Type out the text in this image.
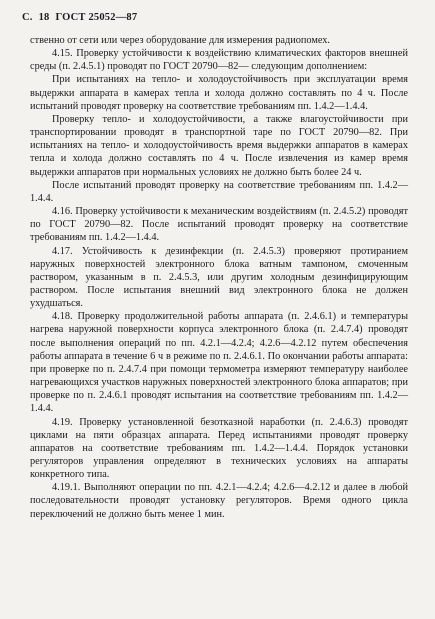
С. 18 ГОСТ 25052—87

ственно от сети или через оборудование для измерения радиопомех.

4.15. Проверку устойчивости к воздействию климатических факторов внешней среды (п. 2.4.5.1) проводят по ГОСТ 20790—82— следующим дополнением:

При испытаниях на тепло- и холодоустойчивость при эксплуатации время выдержки аппарата в камерах тепла и холода должно составлять по 4 ч. После испытаний проводят проверку на соответствие требованиям пп. 1.4.2—1.4.4.

Проверку тепло- и холодоустойчивости, а также влагоустойчивости при транспортировании проводят в транспортной таре по ГОСТ 20790—82. При испытаниях на тепло- и холодоустойчивость время выдержки аппаратов в камерах тепла и холода должно составлять по 4 ч. После извлечения из камер время выдержки аппаратов при нормальных условиях не должно быть более 24 ч.

После испытаний проводят проверку на соответствие требованиям пп. 1.4.2—1.4.4.

4.16. Проверку устойчивости к механическим воздействиям (п. 2.4.5.2) проводят по ГОСТ 20790—82. После испытаний проводят проверку на соответствие требованиям пп. 1.4.2—1.4.4.

4.17. Устойчивость к дезинфекции (п. 2.4.5.3) проверяют протиранием наружных поверхностей электронного блока ватным тампоном, смоченным раствором, указанным в п. 2.4.5.3, или другим холодным дезинфицирующим раствором. После испытания внешний вид электронного блока не должен ухудшаться.

4.18. Проверку продолжительной работы аппарата (п. 2.4.6.1) и температуры нагрева наружной поверхности корпуса электронного блока (п. 2.4.7.4) проводят после выполнения операций по пп. 4.2.1—4.2.4; 4.2.6—4.2.12 путем обеспечения работы аппарата в течение 6 ч в режиме по п. 2.4.6.1. По окончании работы аппарата: при проверке по п. 2.4.7.4 при помощи термометра измеряют температуру наиболее нагревающихся участков наружных поверхностей электронного блока аппаратов; при проверке по п. 2.4.6.1 проводят испытания на соответствие требованиям пп. 1.4.2—1.4.4.

4.19. Проверку установленной безотказной наработки (п. 2.4.6.3) проводят циклами на пяти образцах аппарата. Перед испытаниями проводят проверку аппаратов на соответствие требованиям пп. 1.4.2—1.4.4. Порядок установки регуляторов управления определяют в технических условиях на аппараты конкретного типа.

4.19.1. Выполняют операции по пп. 4.2.1—4.2.4; 4.2.6—4.2.12 и далее в любой последовательности проводят установку регуляторов. Время одного цикла переключений не должно быть менее 1 мин.
